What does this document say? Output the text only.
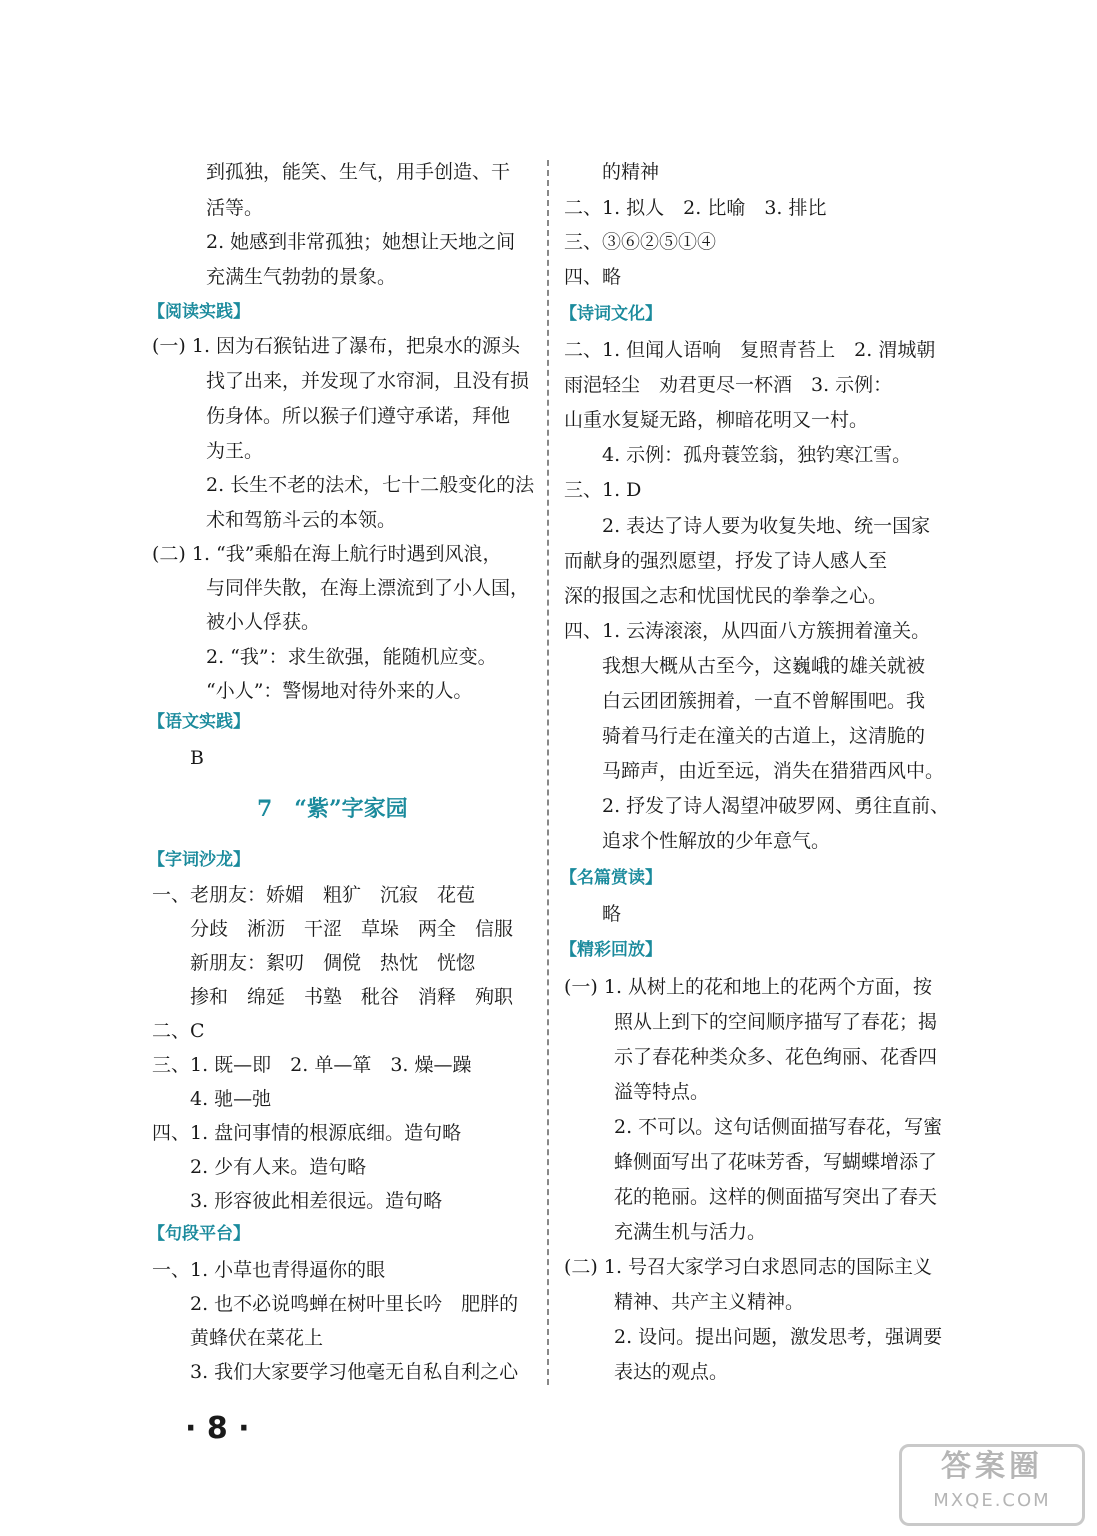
到孤独，能笑、生气，用手创造、干
活等。
2. 她感到非常孤独；她想让天地之间
充满生气勃勃的景象。
【阅读实践】
(一) 1. 因为石猴钻进了瀑布，把泉水的源头
找了出来，并发现了水帘洞，且没有损
伤身体。所以猴子们遵守承诺，拜他
为王。
2. 长生不老的法术，七十二般变化的法
术和驾筋斗云的本领。
(二) 1. “我”乘船在海上航行时遇到风浪，
与同伴失散，在海上漂流到了小人国，
被小人俘获。
2. “我”：求生欲强，能随机应变。
“小人”：警惕地对待外来的人。
【语文实践】
B
7　“紫”字家园
【字词沙龙】
一、老朋友：娇媚　粗犷　沉寂　花苞
分歧　淅沥　干涩　草垛　两全　信服
新朋友：絮叨　倜傥　热忱　恍惚
掺和　绵延　书塾　秕谷　消释　殉职
二、C
三、1. 既—即　2. 单—箪　3. 燥—躁
4. 驰—弛
四、1. 盘问事情的根源底细。造句略
2. 少有人来。造句略
3. 形容彼此相差很远。造句略
【句段平台】
一、1. 小草也青得逼你的眼
2. 也不必说鸣蝉在树叶里长吟　肥胖的
黄蜂伏在菜花上
3. 我们大家要学习他毫无自私自利之心
的精神
二、1. 拟人　2. 比喻　3. 排比
三、③⑥②⑤①④
四、略
【诗词文化】
二、1. 但闻人语响　复照青苔上　2. 渭城朝
雨浥轻尘　劝君更尽一杯酒　3. 示例：
山重水复疑无路，柳暗花明又一村。
4. 示例：孤舟蓑笠翁，独钓寒江雪。
三、1. D
2. 表达了诗人要为收复失地、统一国家
而献身的强烈愿望，抒发了诗人感人至
深的报国之志和忧国忧民的拳拳之心。
四、1. 云涛滚滚，从四面八方簇拥着潼关。
我想大概从古至今，这巍峨的雄关就被
白云团团簇拥着，一直不曾解围吧。我
骑着马行走在潼关的古道上，这清脆的
马蹄声，由近至远，消失在猎猎西风中。
2. 抒发了诗人渴望冲破罗网、勇往直前、
追求个性解放的少年意气。
【名篇赏读】
略
【精彩回放】
(一) 1. 从树上的花和地上的花两个方面，按
照从上到下的空间顺序描写了春花；揭
示了春花种类众多、花色绚丽、花香四
溢等特点。
2. 不可以。这句话侧面描写春花，写蜜
蜂侧面写出了花味芳香，写蝴蝶增添了
花的艳丽。这样的侧面描写突出了春天
充满生机与活力。
(二) 1. 号召大家学习白求恩同志的国际主义
精神、共产主义精神。
2. 设问。提出问题，激发思考，强调要
表达的观点。
· 8 ·
答案圈
MXQE.COM
